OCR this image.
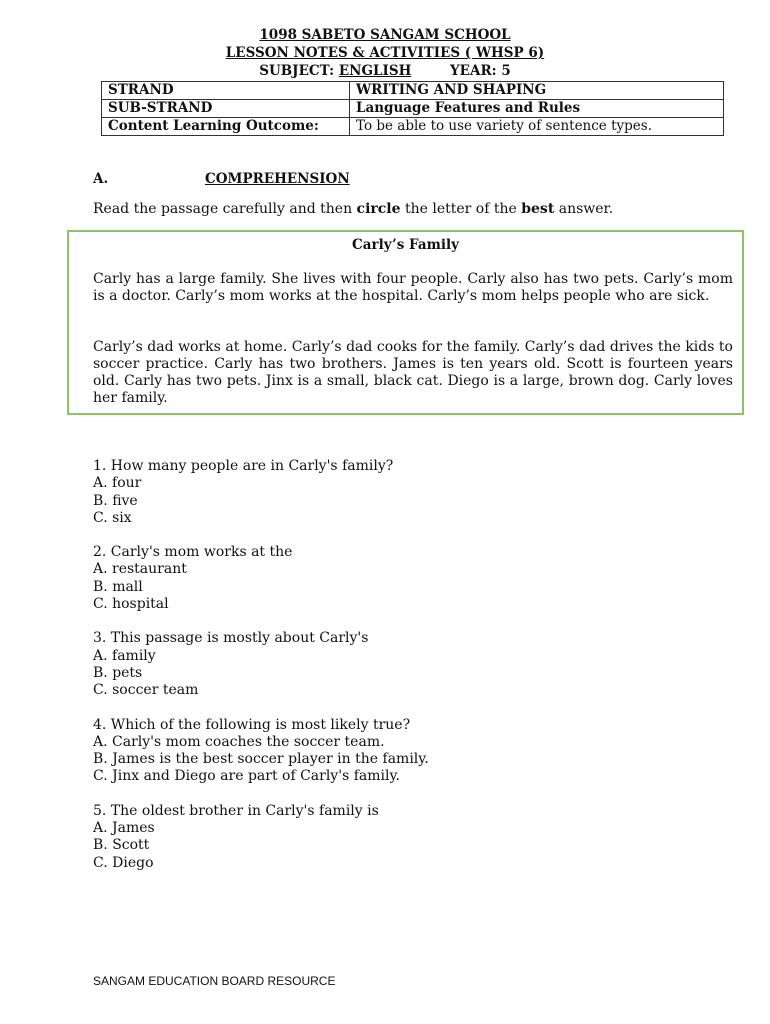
1098 SABETO SANGAM SCHOOL
LESSON NOTES & ACTIVITIES ( WHSP 6)
SUBJECT: ENGLISH	YEAR: 5
STRAND	WRITING AND SHAPING
SUB-STRAND	Language Features and Rules
Content Learning Outcome:	To be able to use variety of sentence types.
A.	COMPREHENSION
Read the passage carefully and then circle the letter of the best answer.
Carly’s Family
Carly has a large family. She lives with four people. Carly also has two pets. Carly’s mom is a doctor. Carly’s mom works at the hospital. Carly’s mom helps people who are sick.
Carly’s dad works at home. Carly’s dad cooks for the family. Carly’s dad drives the kids to soccer practice. Carly has two brothers. James is ten years old. Scott is fourteen years old. Carly has two pets. Jinx is a small, black cat. Diego is a large, brown dog. Carly loves her family.
1. How many people are in Carly's family?
A. four
B. five
C. six
2. Carly's mom works at the
A. restaurant
B. mall
C. hospital
3. This passage is mostly about Carly's
A. family
B. pets
C. soccer team
4. Which of the following is most likely true?
A. Carly's mom coaches the soccer team.
B. James is the best soccer player in the family.
C. Jinx and Diego are part of Carly's family.
5. The oldest brother in Carly's family is
A. James
B. Scott
C. Diego
SANGAM EDUCATION BOARD RESOURCE
